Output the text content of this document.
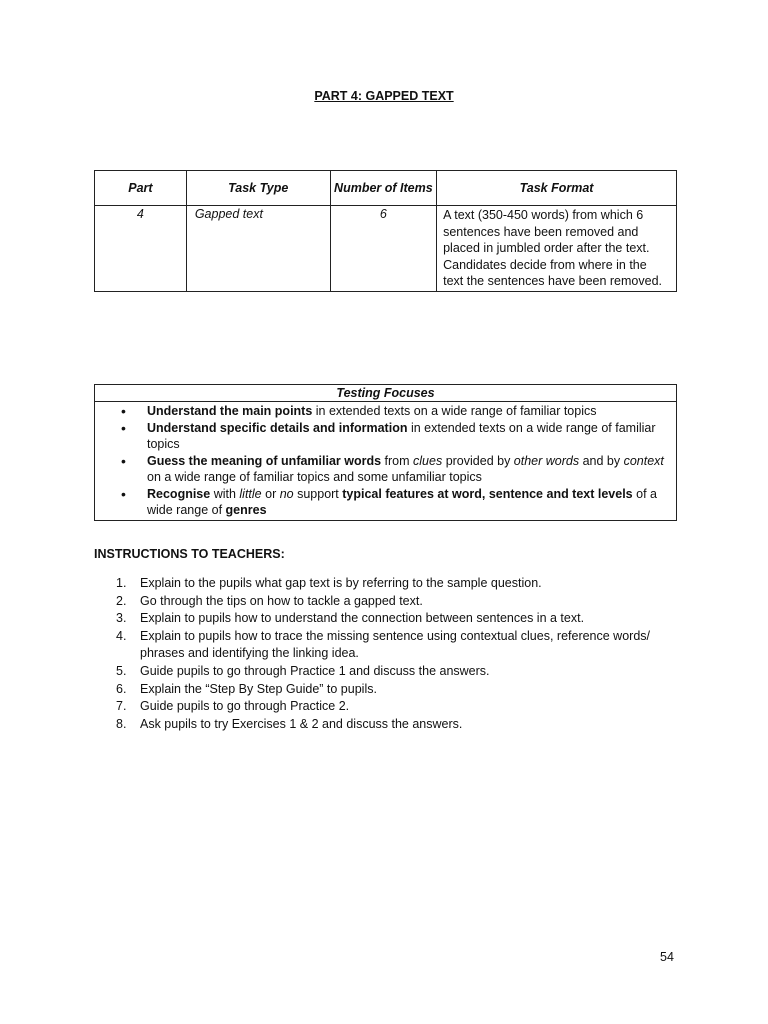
PART 4: GAPPED TEXT
Part	Task Type	Number of Items	Task Format
4	Gapped text	6	A text (350-450 words) from which 6 sentences have been removed and placed in jumbled order after the text. Candidates decide from where in the text the sentences have been removed.
Testing Focuses
• Understand the main points in extended texts on a wide range of familiar topics
• Understand specific details and information in extended texts on a wide range of familiar topics
• Guess the meaning of unfamiliar words from clues provided by other words and by context on a wide range of familiar topics and some unfamiliar topics
• Recognise with little or no support typical features at word, sentence and text levels of a wide range of genres
INSTRUCTIONS TO TEACHERS:
1. Explain to the pupils what gap text is by referring to the sample question.
2. Go through the tips on how to tackle a gapped text.
3. Explain to pupils how to understand the connection between sentences in a text.
4. Explain to pupils how to trace the missing sentence using contextual clues, reference words/ phrases and identifying the linking idea.
5. Guide pupils to go through Practice 1 and discuss the answers.
6. Explain the “Step By Step Guide” to pupils.
7. Guide pupils to go through Practice 2.
8. Ask pupils to try Exercises 1 & 2 and discuss the answers.
54
